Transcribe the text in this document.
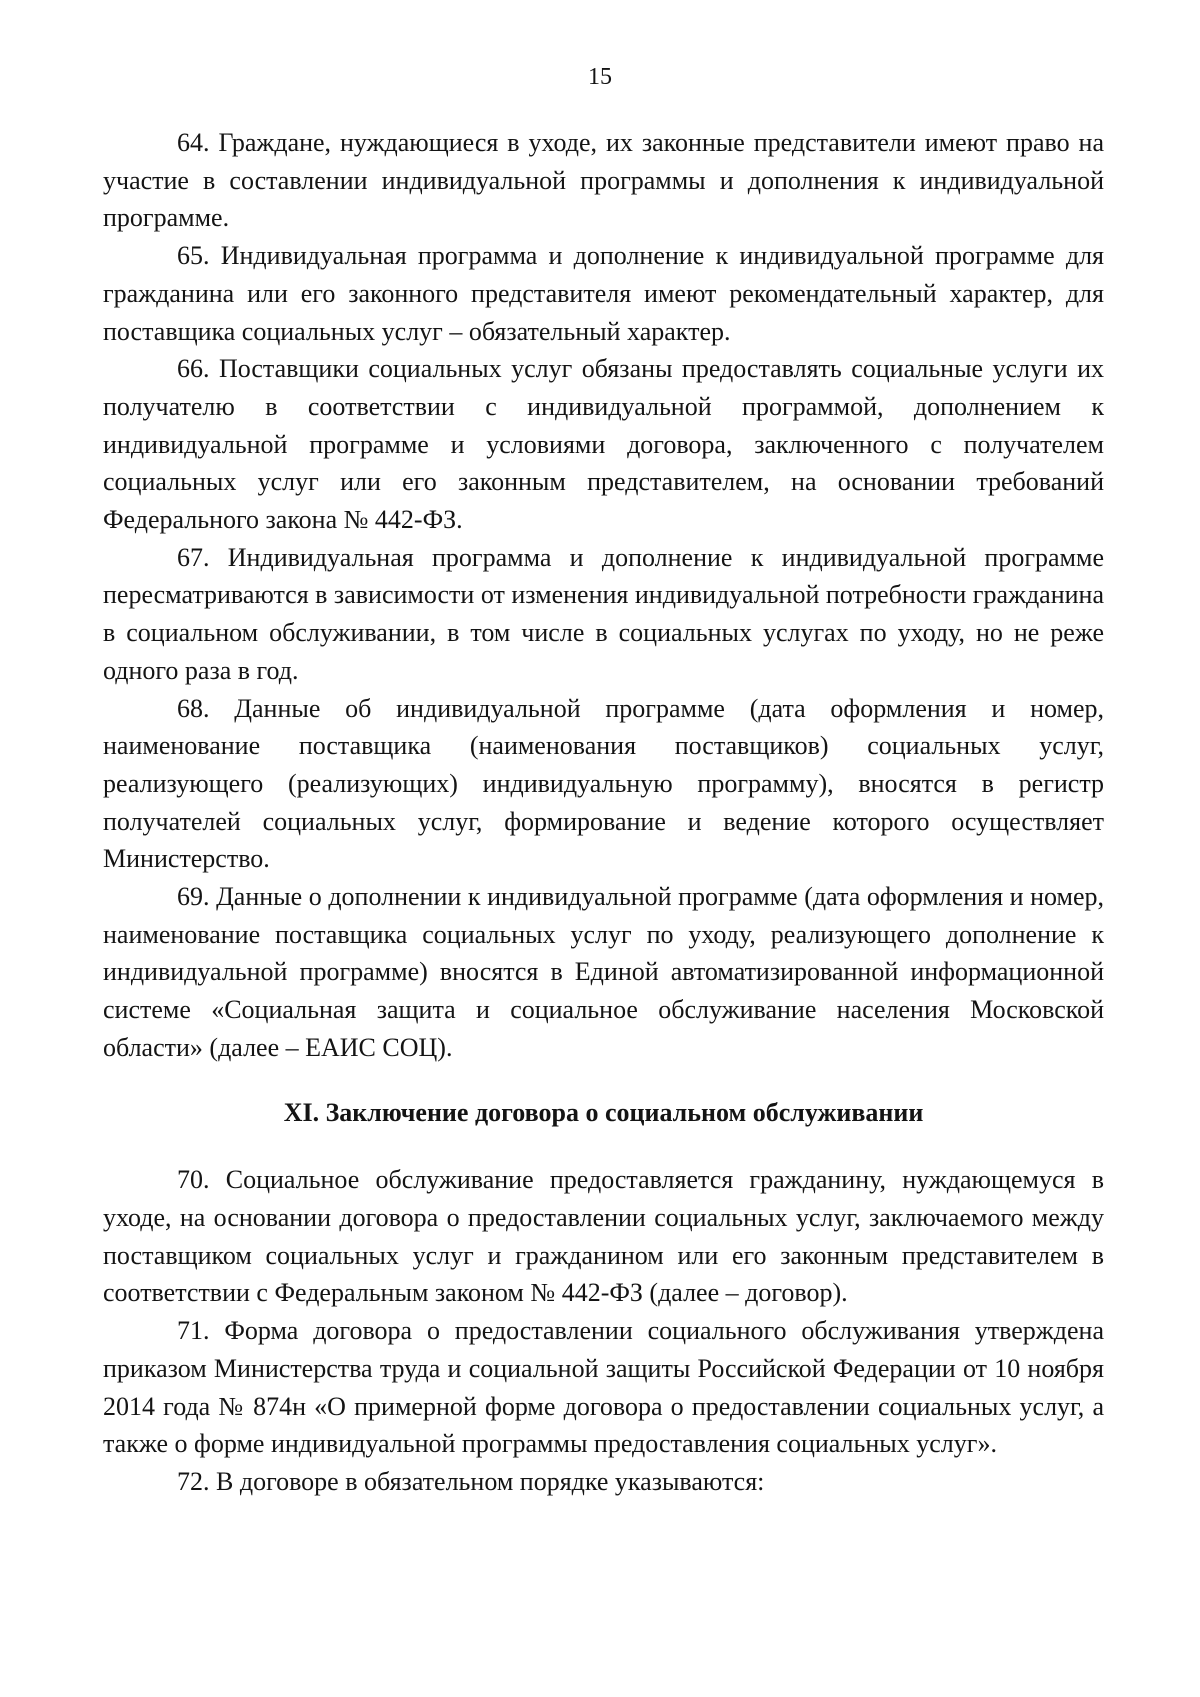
15

64. Граждане, нуждающиеся в уходе, их законные представители имеют право на участие в составлении индивидуальной программы и дополнения к индивидуальной программе.

65. Индивидуальная программа и дополнение к индивидуальной программе для гражданина или его законного представителя имеют рекомендательный характер, для поставщика социальных услуг – обязательный характер.

66. Поставщики социальных услуг обязаны предоставлять социальные услуги их получателю в соответствии с индивидуальной программой, дополнением к индивидуальной программе и условиями договора, заключенного с получателем социальных услуг или его законным представителем, на основании требований Федерального закона № 442-ФЗ.

67. Индивидуальная программа и дополнение к индивидуальной программе пересматриваются в зависимости от изменения индивидуальной потребности гражданина в социальном обслуживании, в том числе в социальных услугах по уходу, но не реже одного раза в год.

68. Данные об индивидуальной программе (дата оформления и номер, наименование поставщика (наименования поставщиков) социальных услуг, реализующего (реализующих) индивидуальную программу), вносятся в регистр получателей социальных услуг, формирование и ведение которого осуществляет Министерство.

69. Данные о дополнении к индивидуальной программе (дата оформления и номер, наименование поставщика социальных услуг по уходу, реализующего дополнение к индивидуальной программе) вносятся в Единой автоматизированной информационной системе «Социальная защита и социальное обслуживание населения Московской области» (далее – ЕАИС СОЦ).

XI. Заключение договора о социальном обслуживании

70. Социальное обслуживание предоставляется гражданину, нуждающемуся в уходе, на основании договора о предоставлении социальных услуг, заключаемого между поставщиком социальных услуг и гражданином или его законным представителем в соответствии с Федеральным законом № 442-ФЗ (далее – договор).

71. Форма договора о предоставлении социального обслуживания утверждена приказом Министерства труда и социальной защиты Российской Федерации от 10 ноября 2014 года № 874н «О примерной форме договора о предоставлении социальных услуг, а также о форме индивидуальной программы предоставления социальных услуг».

72. В договоре в обязательном порядке указываются:
